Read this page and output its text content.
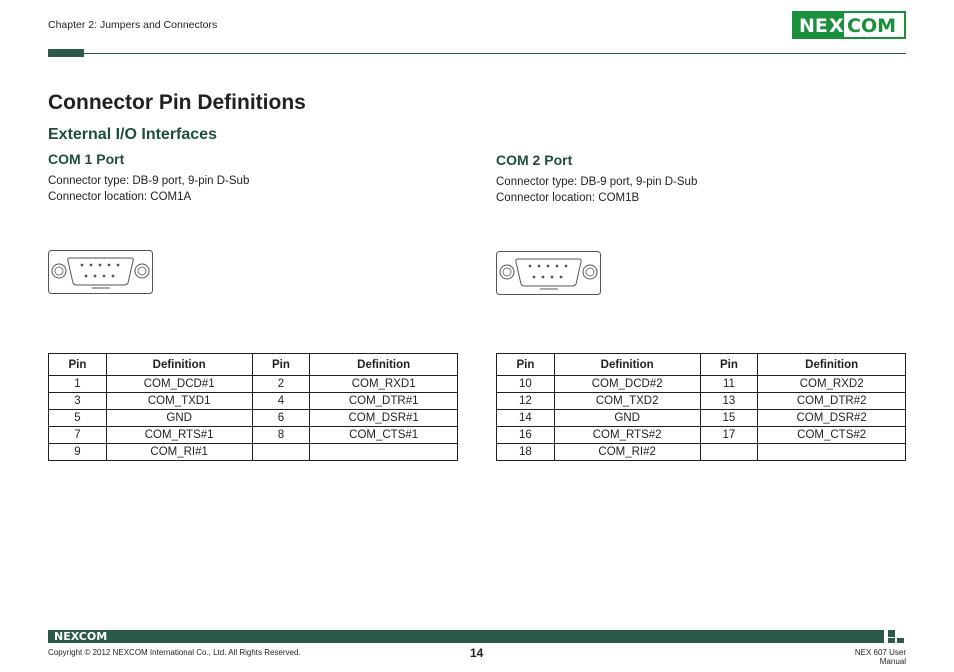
Chapter 2: Jumpers and Connectors	NE X COM
Connector Pin Definitions
External I/O Interfaces
COM 1 Port
Connector type: DB-9 port, 9-pin D-Sub
Connector location: COM1A
Pin	Definition	Pin	Definition
1	COM_DCD#1	2	COM_RXD1
3	COM_TXD1	4	COM_DTR#1
5	GND	6	COM_DSR#1
7	COM_RTS#1	8	COM_CTS#1
9	COM_RI#1		
COM 2 Port
Connector type: DB-9 port, 9-pin D-Sub
Connector location: COM1B
Pin	Definition	Pin	Definition
10	COM_DCD#2	11	COM_RXD2
12	COM_TXD2	13	COM_DTR#2
14	GND	15	COM_DSR#2
16	COM_RTS#2	17	COM_CTS#2
18	COM_RI#2		
NEXCOM
Copyright © 2012 NEXCOM International Co., Ltd. All Rights Reserved.	14	NEX 607 User Manual
